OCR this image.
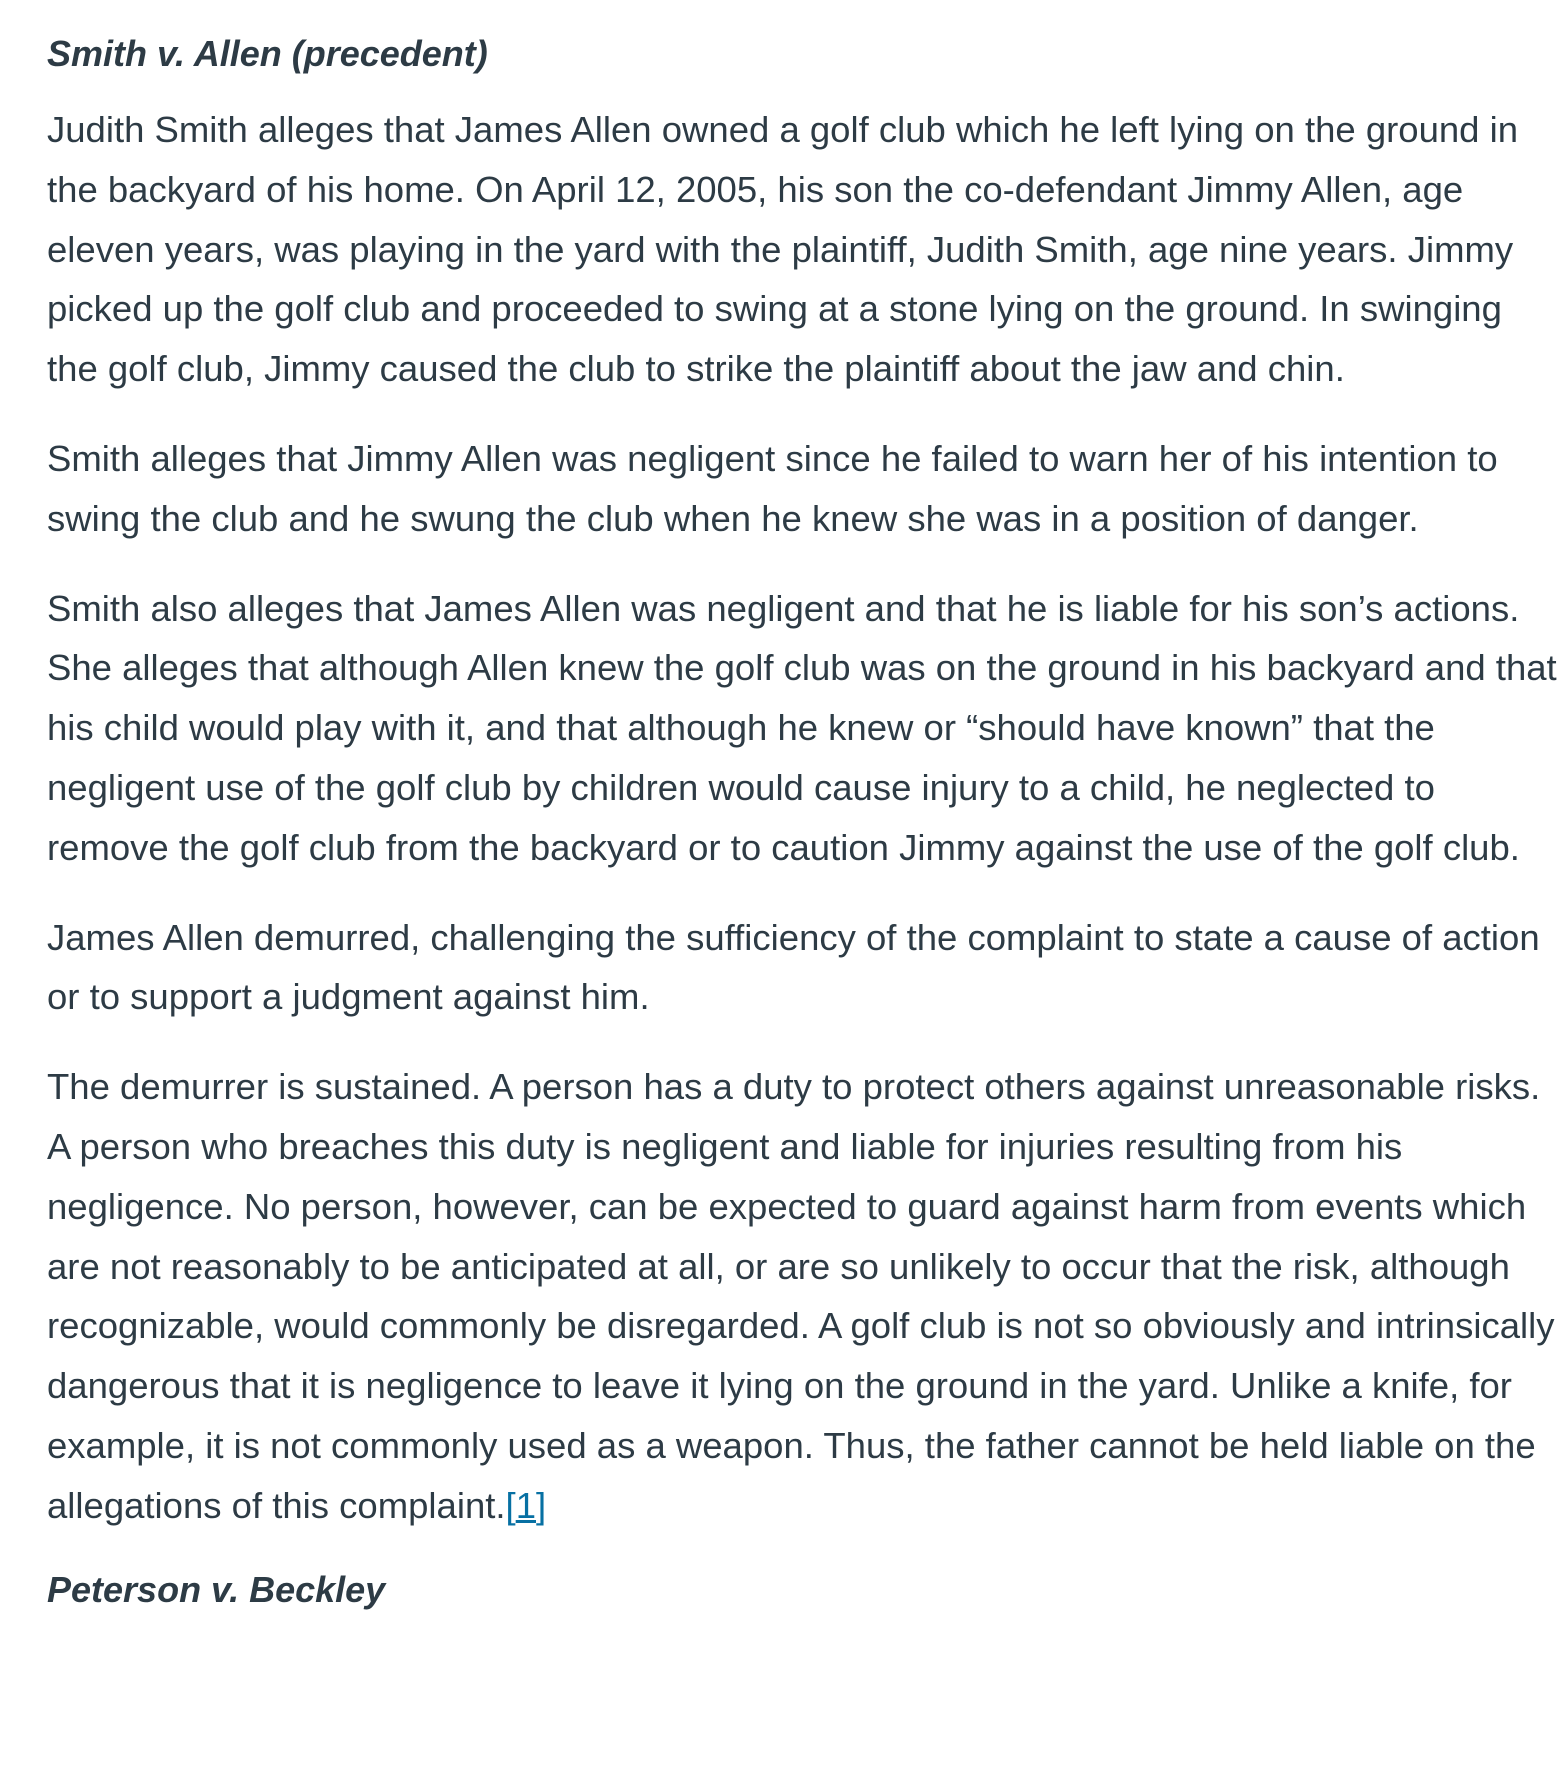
Smith v. Allen (precedent)

Judith Smith alleges that James Allen owned a golf club which he left lying on the ground in the backyard of his home. On April 12, 2005, his son the co-defendant Jimmy Allen, age eleven years, was playing in the yard with the plaintiff, Judith Smith, age nine years. Jimmy picked up the golf club and proceeded to swing at a stone lying on the ground. In swinging the golf club, Jimmy caused the club to strike the plaintiff about the jaw and chin.

Smith alleges that Jimmy Allen was negligent since he failed to warn her of his intention to swing the club and he swung the club when he knew she was in a position of danger.

Smith also alleges that James Allen was negligent and that he is liable for his son’s actions. She alleges that although Allen knew the golf club was on the ground in his backyard and that his child would play with it, and that although he knew or “should have known” that the negligent use of the golf club by children would cause injury to a child, he neglected to remove the golf club from the backyard or to caution Jimmy against the use of the golf club.

James Allen demurred, challenging the sufficiency of the complaint to state a cause of action or to support a judgment against him.

The demurrer is sustained. A person has a duty to protect others against unreasonable risks. A person who breaches this duty is negligent and liable for injuries resulting from his negligence. No person, however, can be expected to guard against harm from events which are not reasonably to be anticipated at all, or are so unlikely to occur that the risk, although recognizable, would commonly be disregarded. A golf club is not so obviously and intrinsically dangerous that it is negligence to leave it lying on the ground in the yard. Unlike a knife, for example, it is not commonly used as a weapon. Thus, the father cannot be held liable on the allegations of this complaint.[1]

Peterson v. Beckley
